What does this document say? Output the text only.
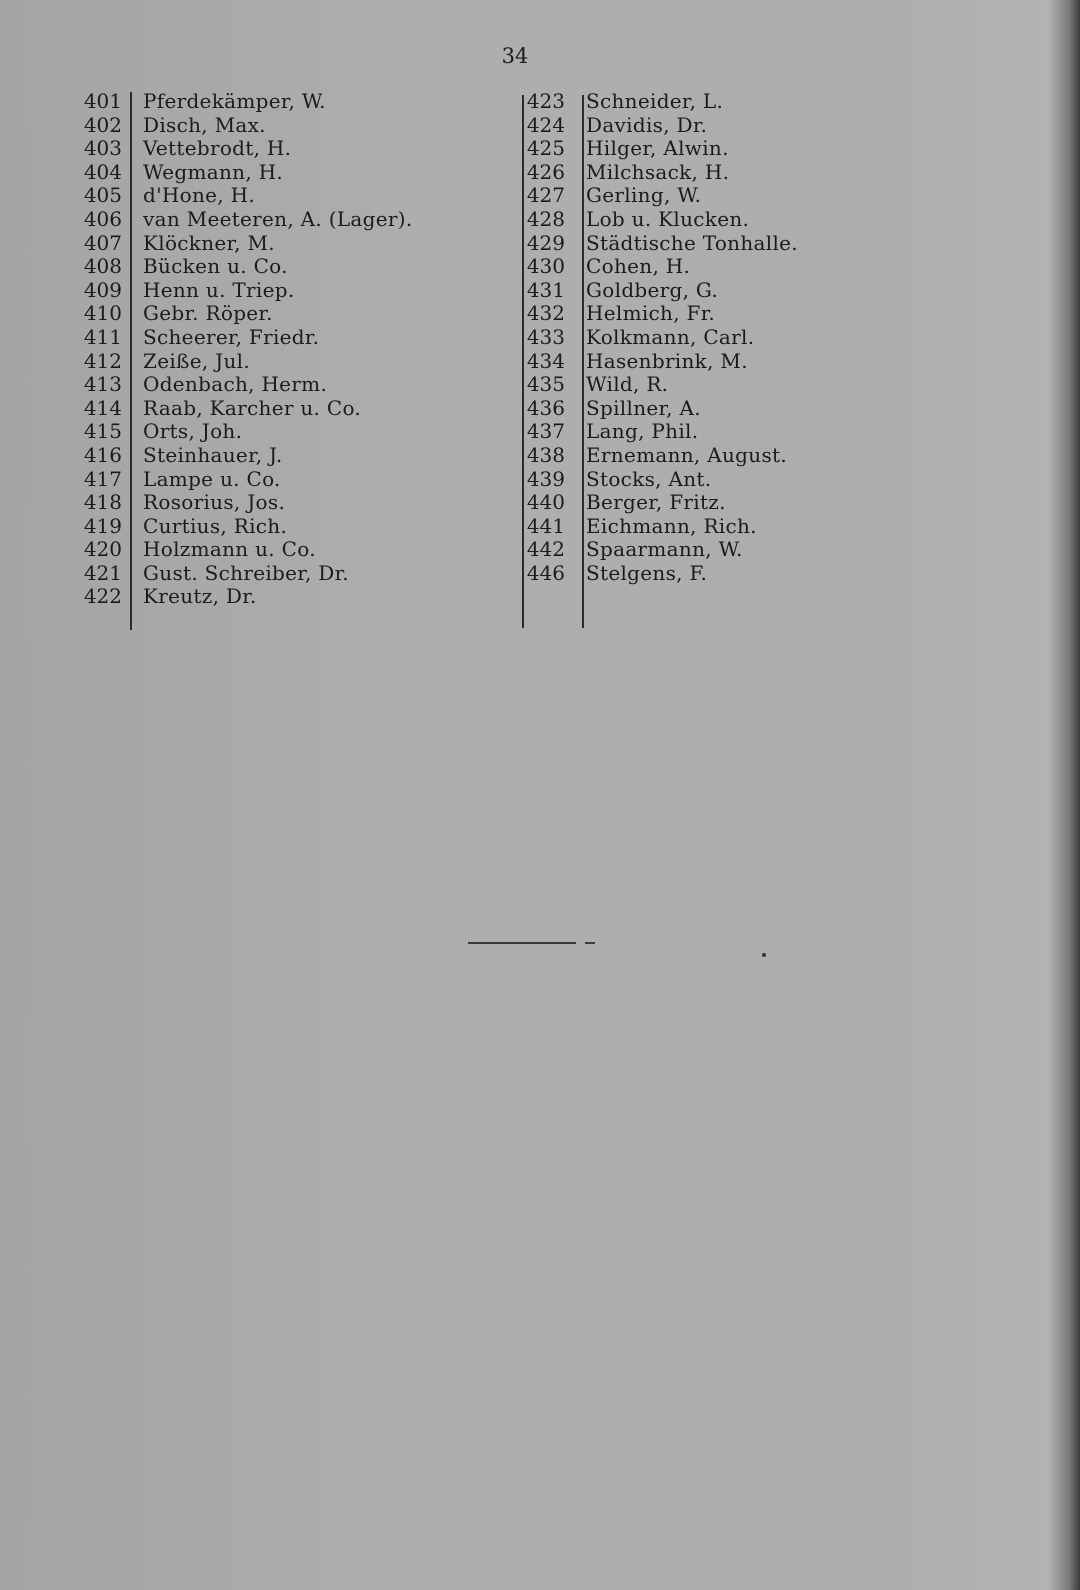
34
401	Pferdekämper, W.
402	Disch, Max.
403	Vettebrodt, H.
404	Wegmann, H.
405	d'Hone, H.
406	van Meeteren, A. (Lager).
407	Klöckner, M.
408	Bücken u. Co.
409	Henn u. Triep.
410	Gebr. Röper.
411	Scheerer, Friedr.
412	Zeiße, Jul.
413	Odenbach, Herm.
414	Raab, Karcher u. Co.
415	Orts, Joh.
416	Steinhauer, J.
417	Lampe u. Co.
418	Rosorius, Jos.
419	Curtius, Rich.
420	Holzmann u. Co.
421	Gust. Schreiber, Dr.
422	Kreutz, Dr.
423	Schneider, L.
424	Davidis, Dr.
425	Hilger, Alwin.
426	Milchsack, H.
427	Gerling, W.
428	Lob u. Klucken.
429	Städtische Tonhalle.
430	Cohen, H.
431	Goldberg, G.
432	Helmich, Fr.
433	Kolkmann, Carl.
434	Hasenbrink, M.
435	Wild, R.
436	Spillner, A.
437	Lang, Phil.
438	Ernemann, August.
439	Stocks, Ant.
440	Berger, Fritz.
441	Eichmann, Rich.
442	Spaarmann, W.
446	Stelgens, F.
